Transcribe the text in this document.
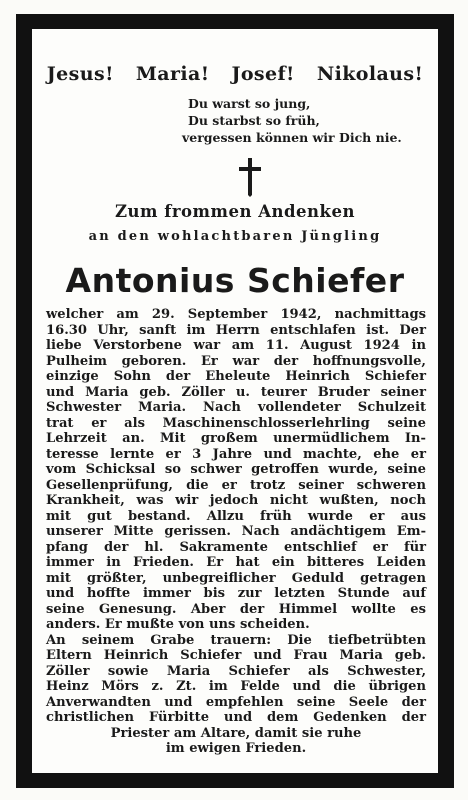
Jesus! Maria! Josef! Nikolaus!
Du warst so jung,
Du starbst so früh,
vergessen können wir Dich nie.
Zum frommen Andenken
an den wohlachtbaren Jüngling
Antonius Schiefer
welcher am 29. September 1942, nachmittags
16.30 Uhr, sanft im Herrn entschlafen ist. Der
liebe Verstorbene war am 11. August 1924 in
Pulheim geboren. Er war der hoffnungsvolle,
einzige Sohn der Eheleute Heinrich Schiefer
und Maria geb. Zöller u. teurer Bruder seiner
Schwester Maria. Nach vollendeter Schulzeit
trat er als Maschinenschlosserlehrling seine
Lehrzeit an. Mit großem unermüdlichem In-
teresse lernte er 3 Jahre und machte, ehe er
vom Schicksal so schwer getroffen wurde, seine
Gesellenprüfung, die er trotz seiner schweren
Krankheit, was wir jedoch nicht wußten, noch
mit gut bestand. Allzu früh wurde er aus
unserer Mitte gerissen. Nach andächtigem Em-
pfang der hl. Sakramente entschlief er für
immer in Frieden. Er hat ein bitteres Leiden
mit größter, unbegreiflicher Geduld getragen
und hoffte immer bis zur letzten Stunde auf
seine Genesung. Aber der Himmel wollte es
anders. Er mußte von uns scheiden.
An seinem Grabe trauern: Die tiefbetrübten
Eltern Heinrich Schiefer und Frau Maria geb.
Zöller sowie Maria Schiefer als Schwester,
Heinz Mörs z. Zt. im Felde und die übrigen
Anverwandten und empfehlen seine Seele der
christlichen Fürbitte und dem Gedenken der
Priester am Altare, damit sie ruhe
im ewigen Frieden.
